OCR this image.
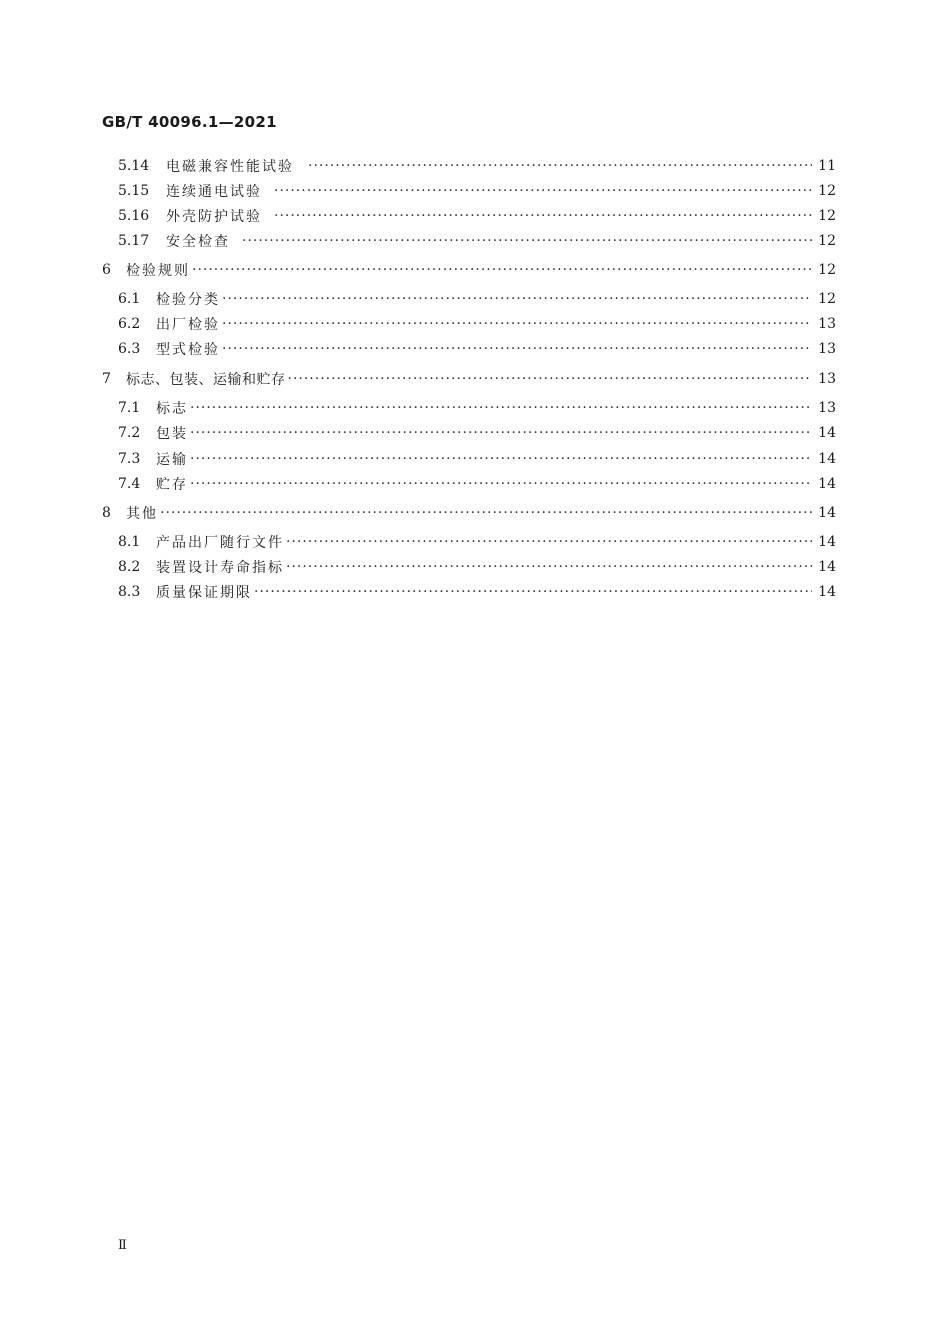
GB/T 40096.1—2021
5.14	电磁兼容性能试验 ·····	11
5.15	连续通电试验 ·····	12
5.16	外壳防护试验 ·····	12
5.17	安全检查 ·····	12
6	检验规则 ·····	12
6.1	检验分类 ·····	12
6.2	出厂检验 ·····	13
6.3	型式检验 ·····	13
7	标志、包装、运输和贮存 ·····	13
7.1	标志 ·····	13
7.2	包装 ·····	14
7.3	运输 ·····	14
7.4	贮存 ·····	14
8	其他 ·····	14
8.1	产品出厂随行文件 ·····	14
8.2	装置设计寿命指标 ·····	14
8.3	质量保证期限 ·····	14
Ⅱ
